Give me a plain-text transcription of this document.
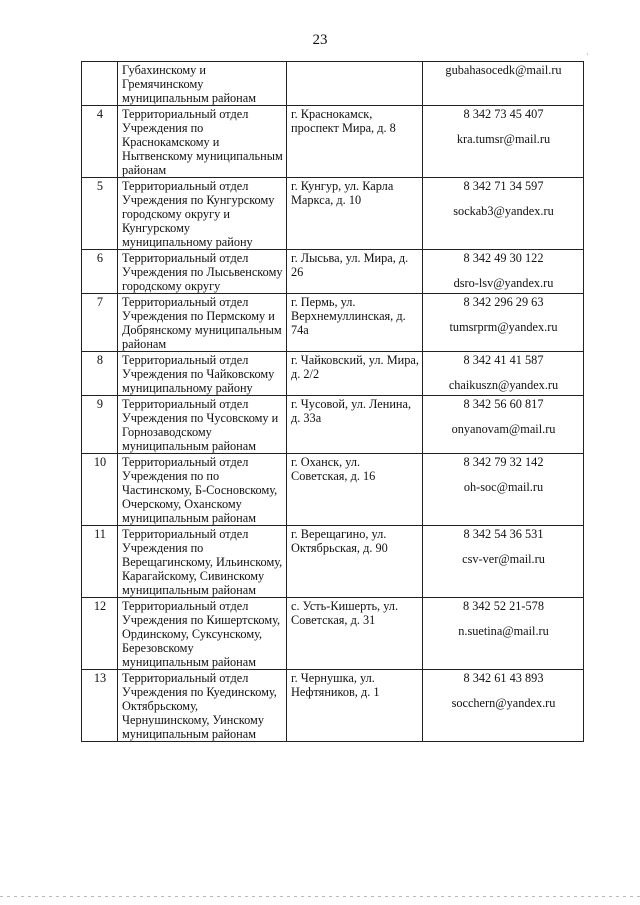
23
·
	Губахинскому и Гремячинскому муниципальным районам		gubahasocedk@mail.ru

4	Территориальный отдел Учреждения по Краснокамскому и Нытвенскому муниципальным районам	г. Краснокамск, проспект Мира, д. 8	8 342 73 45 407
kra.tumsr@mail.ru

5	Территориальный отдел Учреждения по Кунгурскому городскому округу и Кунгурскому муниципальному району	г. Кунгур, ул. Карла Маркса, д. 10	8 342 71 34 597
sockab3@yandex.ru

6	Территориальный отдел Учреждения по Лысьвенскому городскому округу	г. Лысьва, ул. Мира, д. 26	8 342 49 30 122
dsro-lsv@yandex.ru

7	Территориальный отдел Учреждения по Пермскому и Добрянскому муниципальным районам	г. Пермь, ул. Верхнемуллинская, д. 74а	8 342 296 29 63
tumsrprm@yandex.ru

8	Территориальный отдел Учреждения по Чайковскому муниципальному району	г. Чайковский, ул. Мира, д. 2/2	8 342 41 41 587
chaikuszn@yandex.ru

9	Территориальный отдел Учреждения по Чусовскому и Горнозаводскому муниципальным районам	г. Чусовой, ул. Ленина, д. 33а	8 342 56 60 817
onyanovam@mail.ru

10	Территориальный отдел Учреждения по по Частинскому, Б-Сосновскому, Очерскому, Оханскому муниципальным районам	г. Оханск, ул. Советская, д. 16	8 342 79 32 142
oh-soc@mail.ru

11	Территориальный отдел Учреждения по Верещагинскому, Ильинскому, Карагайскому, Сивинскому муниципальным районам	г. Верещагино, ул. Октябрьская, д. 90	8 342 54 36 531
csv-ver@mail.ru

12	Территориальный отдел Учреждения по Кишертскому, Ординскому, Суксунскому, Березовскому муниципальным районам	с. Усть-Кишерть, ул. Советская, д. 31	8 342 52 21-578
n.suetina@mail.ru

13	Территориальный отдел Учреждения по Куединскому, Октябрьскому, Чернушинскому, Уинскому муниципальным районам	г. Чернушка, ул. Нефтяников, д. 1	8 342 61 43 893
socchern@yandex.ru
